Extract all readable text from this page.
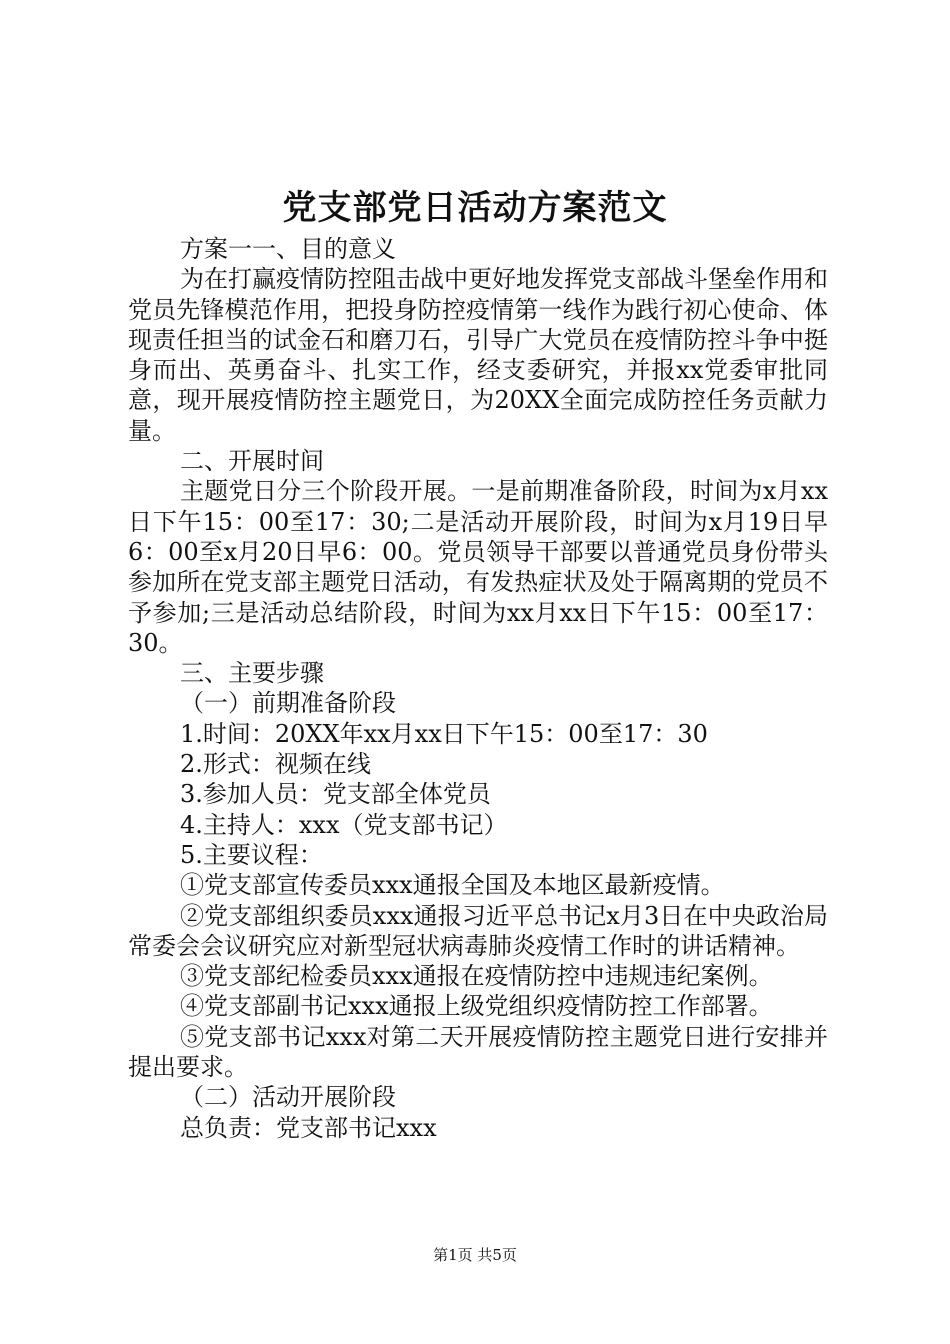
党支部党日活动方案范文

方案一一、目的意义

为在打赢疫情防控阻击战中更好地发挥党支部战斗堡垒作用和党员先锋模范作用，把投身防控疫情第一线作为践行初心使命、体现责任担当的试金石和磨刀石，引导广大党员在疫情防控斗争中挺身而出、英勇奋斗、扎实工作，经支委研究，并报xx党委审批同意，现开展疫情防控主题党日，为20XX全面完成防控任务贡献力量。

二、开展时间

主题党日分三个阶段开展。一是前期准备阶段，时间为x月xx日下午15：00至17：30;二是活动开展阶段，时间为x月19日早6：00至x月20日早6：00。党员领导干部要以普通党员身份带头参加所在党支部主题党日活动，有发热症状及处于隔离期的党员不予参加;三是活动总结阶段，时间为xx月xx日下午15：00至17：30。

三、主要步骤

（一）前期准备阶段

1.时间：20XX年xx月xx日下午15：00至17：30

2.形式：视频在线

3.参加人员：党支部全体党员

4.主持人：xxx（党支部书记）

5.主要议程：

①党支部宣传委员xxx通报全国及本地区最新疫情。

②党支部组织委员xxx通报习近平总书记x月3日在中央政治局常委会会议研究应对新型冠状病毒肺炎疫情工作时的讲话精神。

③党支部纪检委员xxx通报在疫情防控中违规违纪案例。

④党支部副书记xxx通报上级党组织疫情防控工作部署。

⑤党支部书记xxx对第二天开展疫情防控主题党日进行安排并提出要求。

（二）活动开展阶段

总负责：党支部书记xxx

第1页 共5页
